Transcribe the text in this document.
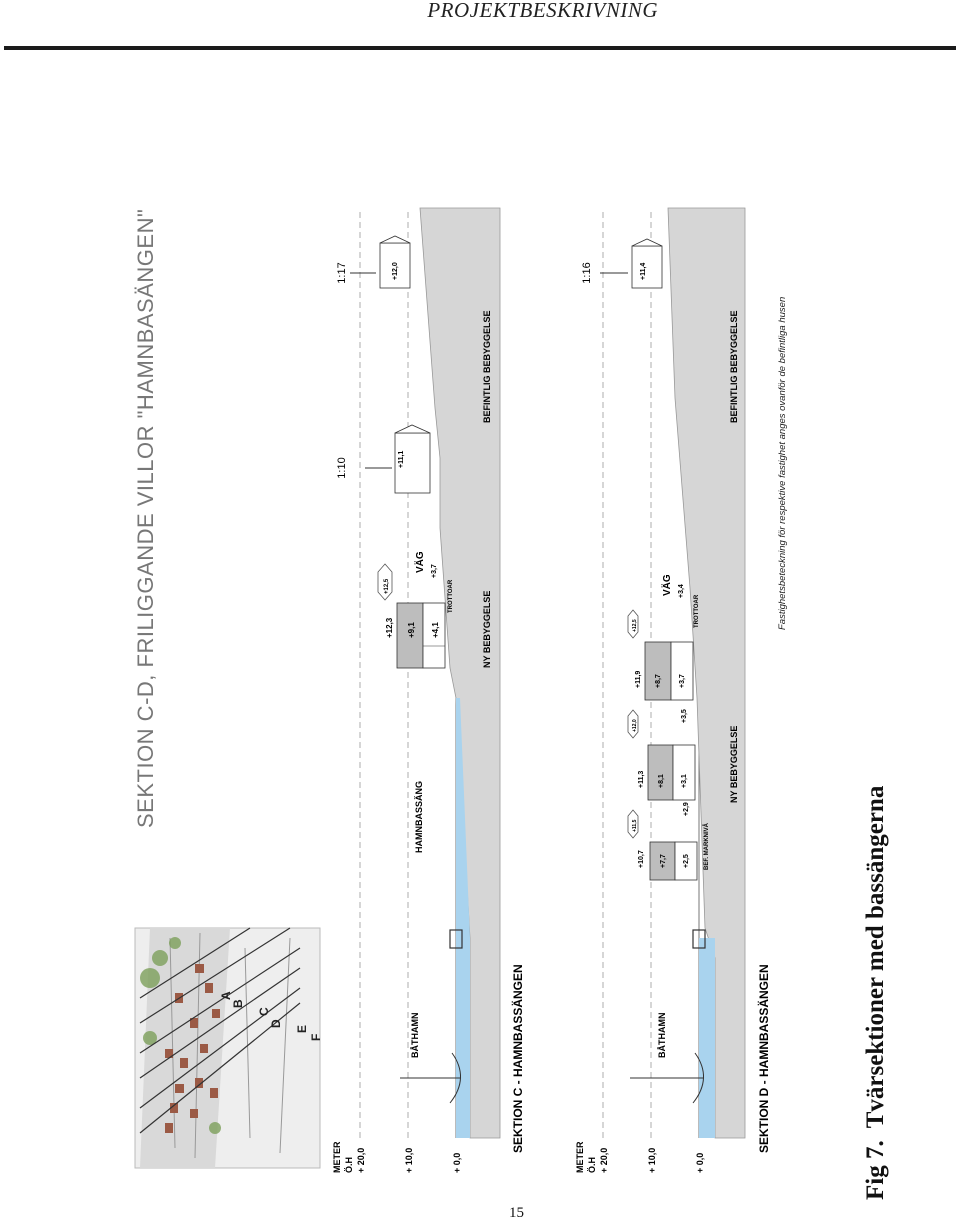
PROJEKTBESKRIVNING
SEKTION C-D, FRILIGGANDE VILLOR "HAMNBASÄNGEN"
A
B
C
D
E
F
METER Ö.H + 20,0	+ 10,0	+ 0,0
BÅTHAMN
HAMNBASSÄNG
SEKTION C - HAMNBASSÄNGEN
NY BEBYGGELSE
BEFINTLIG BEBYGGELSE
+12,3 +9,1 +4,1
+12,5
VÄG +3,7
TROTTOAR
+11,1
1:10
+12,0
1:17
METER Ö.H + 20,0	+ 10,0	+ 0,0
BÅTHAMN	SEKTION D - HAMNBASSÄNGEN
NY BEBYGGELSE
BEFINTLIG BEBYGGELSE
BEF. MARKNIVÅ
+10,7 +7,7 +2,5
+11,5
+2,9
+11,3 +8,1 +3,1
+12,0
+3,5
+11,9 +8,7 +3,7
+12,5
VÄG +3,4
TROTTOAR
+11,4
1:16
Fastighetsbeteckning för respektive fastighet anges ovanför de befintliga husen
Fig 7.Tvärsektioner med bassängerna
15
